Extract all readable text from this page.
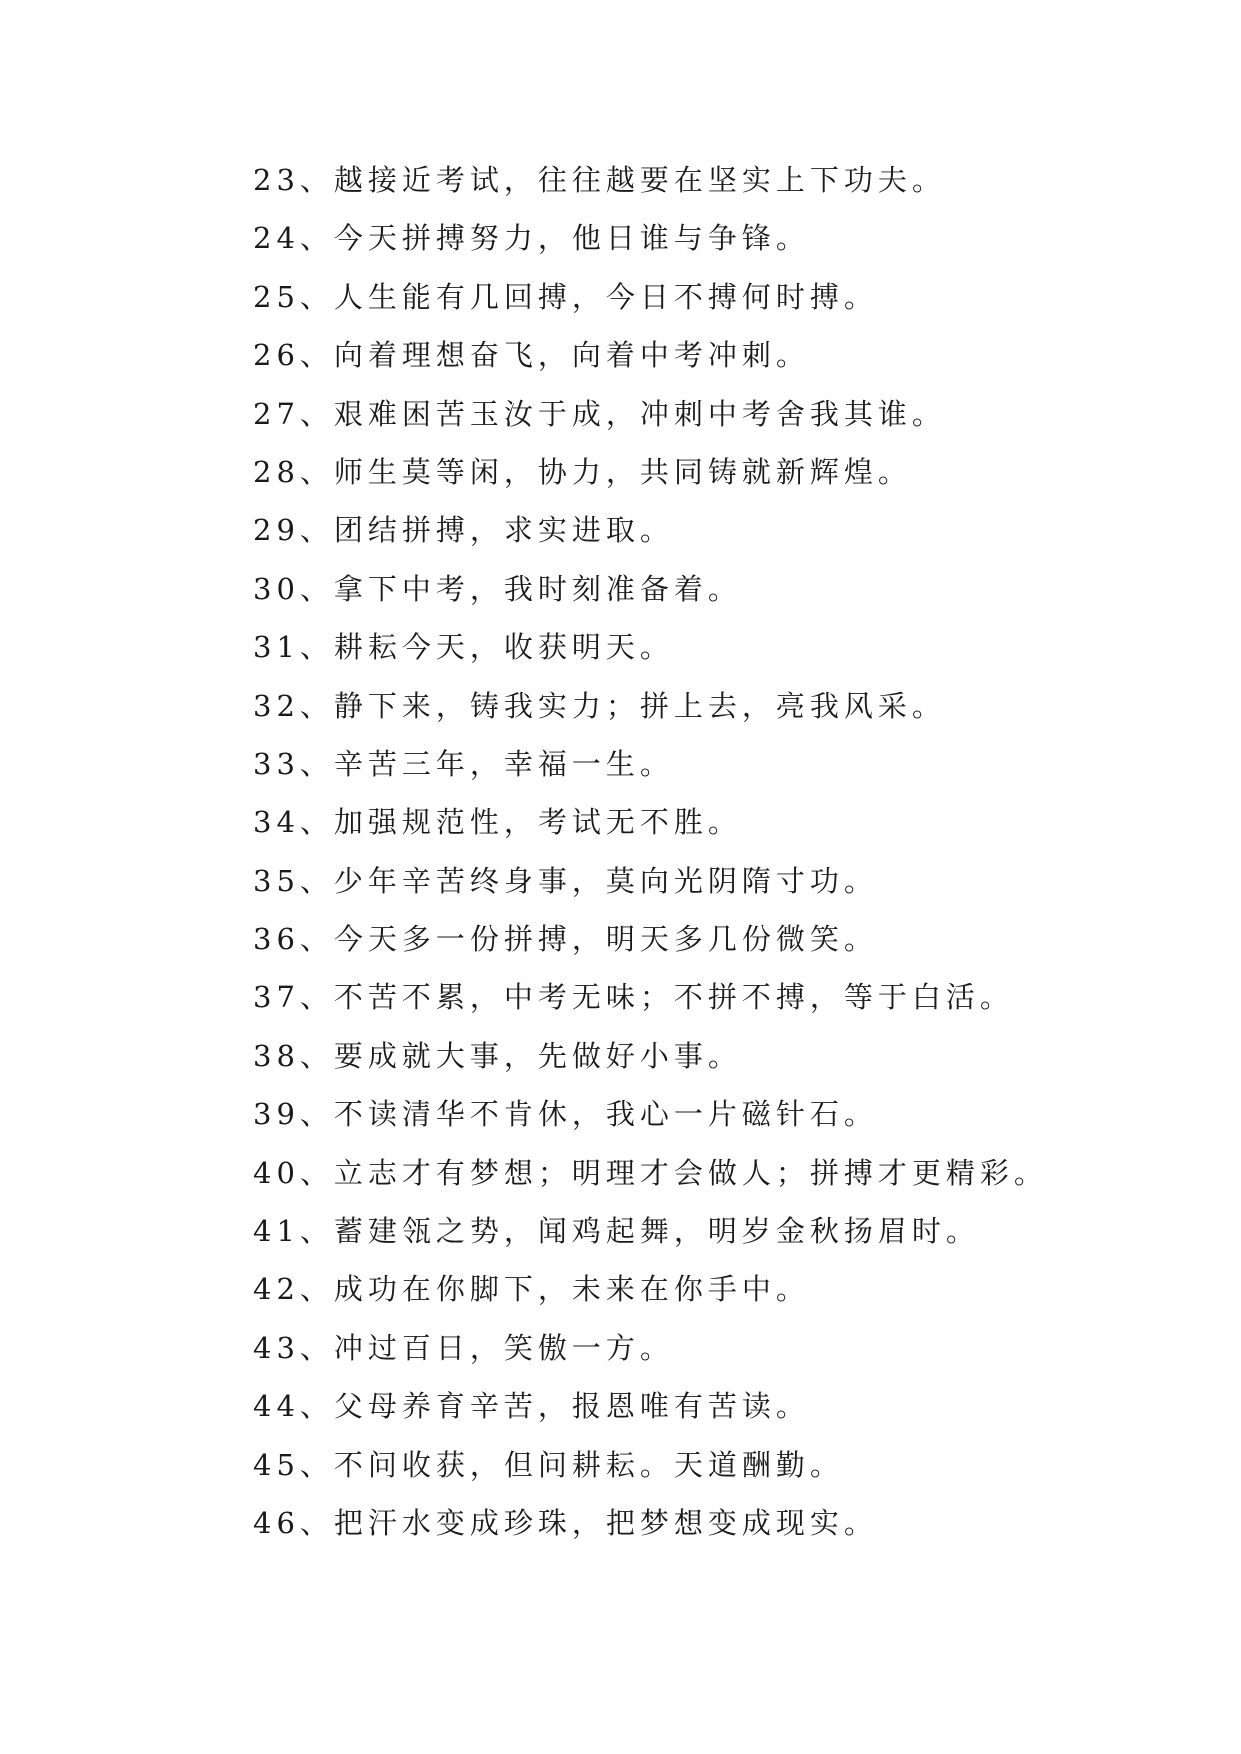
23、越接近考试，往往越要在坚实上下功夫。
24、今天拼搏努力，他日谁与争锋。
25、人生能有几回搏，今日不搏何时搏。
26、向着理想奋飞，向着中考冲刺。
27、艰难困苦玉汝于成，冲刺中考舍我其谁。
28、师生莫等闲，协力，共同铸就新辉煌。
29、团结拼搏，求实进取。
30、拿下中考，我时刻准备着。
31、耕耘今天，收获明天。
32、静下来，铸我实力；拼上去，亮我风采。
33、辛苦三年，幸福一生。
34、加强规范性，考试无不胜。
35、少年辛苦终身事，莫向光阴隋寸功。
36、今天多一份拼搏，明天多几份微笑。
37、不苦不累，中考无味；不拼不搏，等于白活。
38、要成就大事，先做好小事。
39、不读清华不肯休，我心一片磁针石。
40、立志才有梦想；明理才会做人；拼搏才更精彩。
41、蓄建瓴之势，闻鸡起舞，明岁金秋扬眉时。
42、成功在你脚下，未来在你手中。
43、冲过百日，笑傲一方。
44、父母养育辛苦，报恩唯有苦读。
45、不问收获，但问耕耘。天道酬勤。
46、把汗水变成珍珠，把梦想变成现实。
